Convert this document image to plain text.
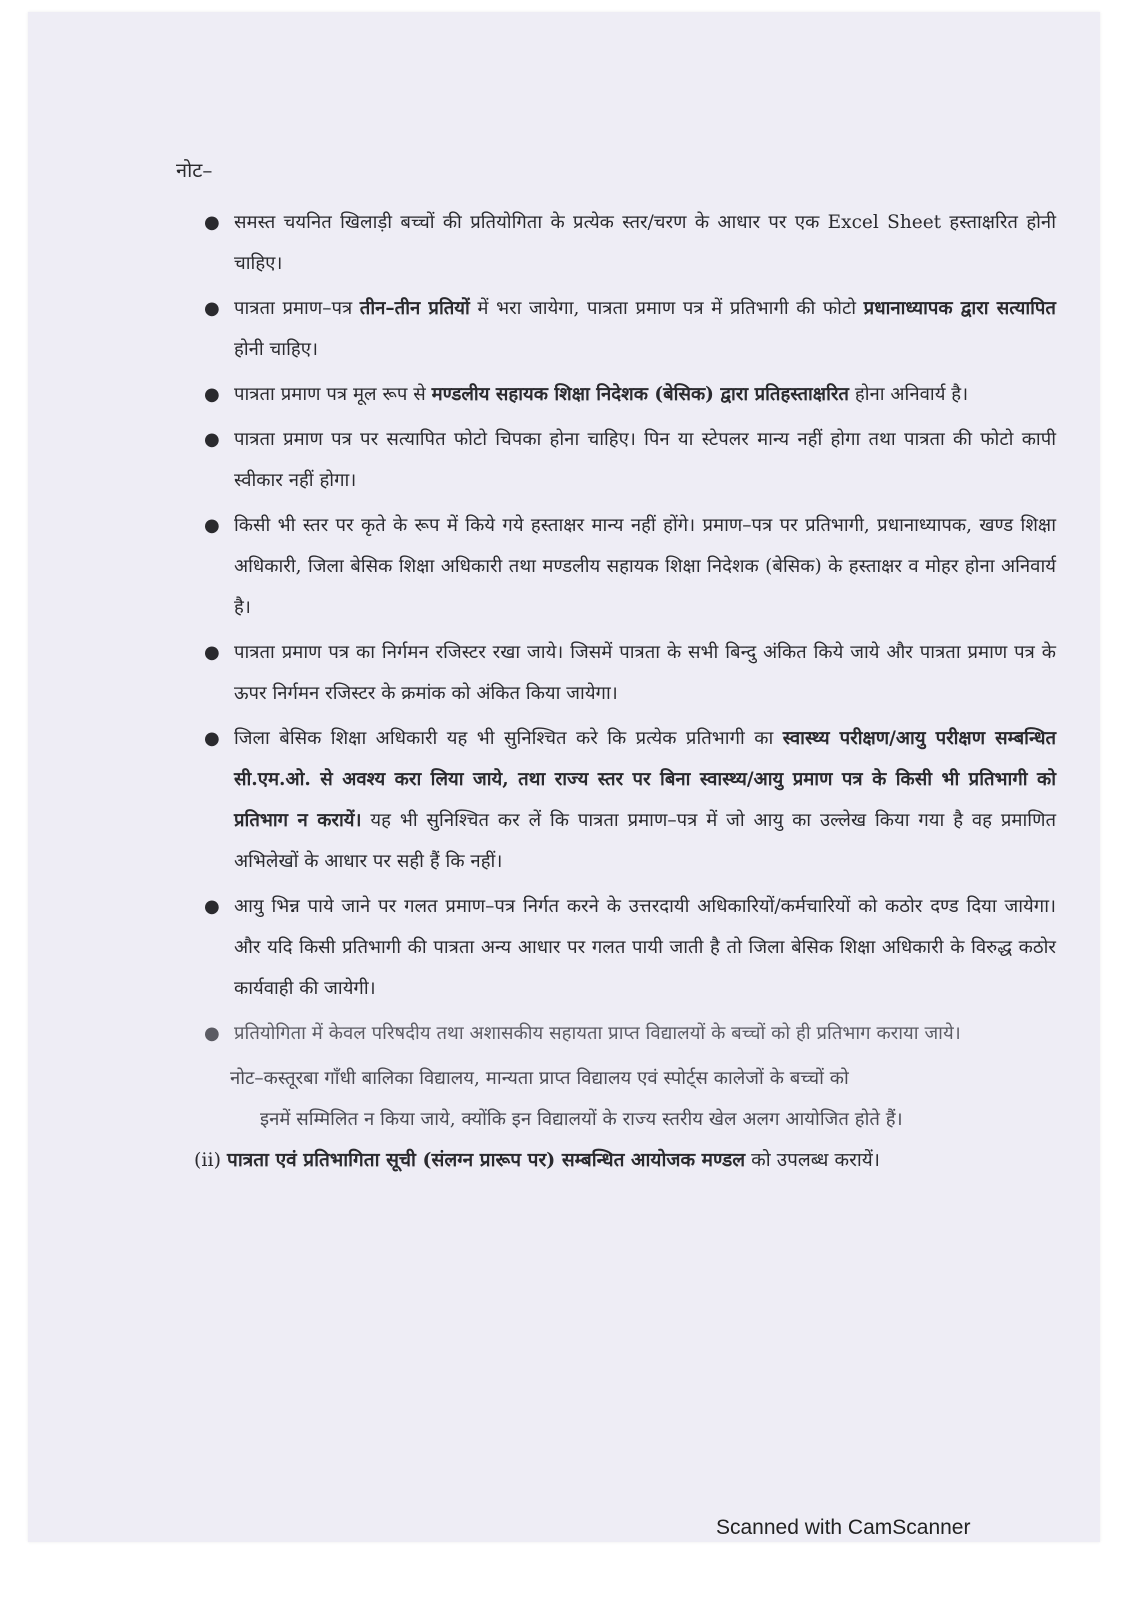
नोट–
● समस्त चयनित खिलाड़ी बच्चों की प्रतियोगिता के प्रत्येक स्तर/चरण के आधार पर एक Excel Sheet हस्ताक्षरित होनी चाहिए।
● पात्रता प्रमाण–पत्र तीन–तीन प्रतियों में भरा जायेगा, पात्रता प्रमाण पत्र में प्रतिभागी की फोटो प्रधानाध्यापक द्वारा सत्यापित होनी चाहिए।
● पात्रता प्रमाण पत्र मूल रूप से मण्डलीय सहायक शिक्षा निदेशक (बेसिक) द्वारा प्रतिहस्ताक्षरित होना अनिवार्य है।
● पात्रता प्रमाण पत्र पर सत्यापित फोटो चिपका होना चाहिए। पिन या स्टेपलर मान्य नहीं होगा तथा पात्रता की फोटो कापी स्वीकार नहीं होगा।
● किसी भी स्तर पर कृते के रूप में किये गये हस्ताक्षर मान्य नहीं होंगे। प्रमाण–पत्र पर प्रतिभागी, प्रधानाध्यापक, खण्ड शिक्षा अधिकारी, जिला बेसिक शिक्षा अधिकारी तथा मण्डलीय सहायक शिक्षा निदेशक (बेसिक) के हस्ताक्षर व मोहर होना अनिवार्य है।
● पात्रता प्रमाण पत्र का निर्गमन रजिस्टर रखा जाये। जिसमें पात्रता के सभी बिन्दु अंकित किये जाये और पात्रता प्रमाण पत्र के ऊपर निर्गमन रजिस्टर के क्रमांक को अंकित किया जायेगा।
● जिला बेसिक शिक्षा अधिकारी यह भी सुनिश्चित करे कि प्रत्येक प्रतिभागी का स्वास्थ्य परीक्षण/आयु परीक्षण सम्बन्धित सी.एम.ओ. से अवश्य करा लिया जाये, तथा राज्य स्तर पर बिना स्वास्थ्य/आयु प्रमाण पत्र के किसी भी प्रतिभागी को प्रतिभाग न करायें। यह भी सुनिश्चित कर लें कि पात्रता प्रमाण–पत्र में जो आयु का उल्लेख किया गया है वह प्रमाणित अभिलेखों के आधार पर सही हैं कि नहीं।
● आयु भिन्न पाये जाने पर गलत प्रमाण–पत्र निर्गत करने के उत्तरदायी अधिकारियों/कर्मचारियों को कठोर दण्ड दिया जायेगा। और यदि किसी प्रतिभागी की पात्रता अन्य आधार पर गलत पायी जाती है तो जिला बेसिक शिक्षा अधिकारी के विरुद्ध कठोर कार्यवाही की जायेगी।
● प्रतियोगिता में केवल परिषदीय तथा अशासकीय सहायता प्राप्त विद्यालयों के बच्चों को ही प्रतिभाग कराया जाये।
नोट–कस्तूरबा गाँधी बालिका विद्यालय, मान्यता प्राप्त विद्यालय एवं स्पोर्ट्स कालेजों के बच्चों को
इनमें सम्मिलित न किया जाये, क्योंकि इन विद्यालयों के राज्य स्तरीय खेल अलग आयोजित होते हैं।
(ii) पात्रता एवं प्रतिभागिता सूची (संलग्न प्रारूप पर) सम्बन्धित आयोजक मण्डल को उपलब्ध करायें।
Scanned with CamScanner
